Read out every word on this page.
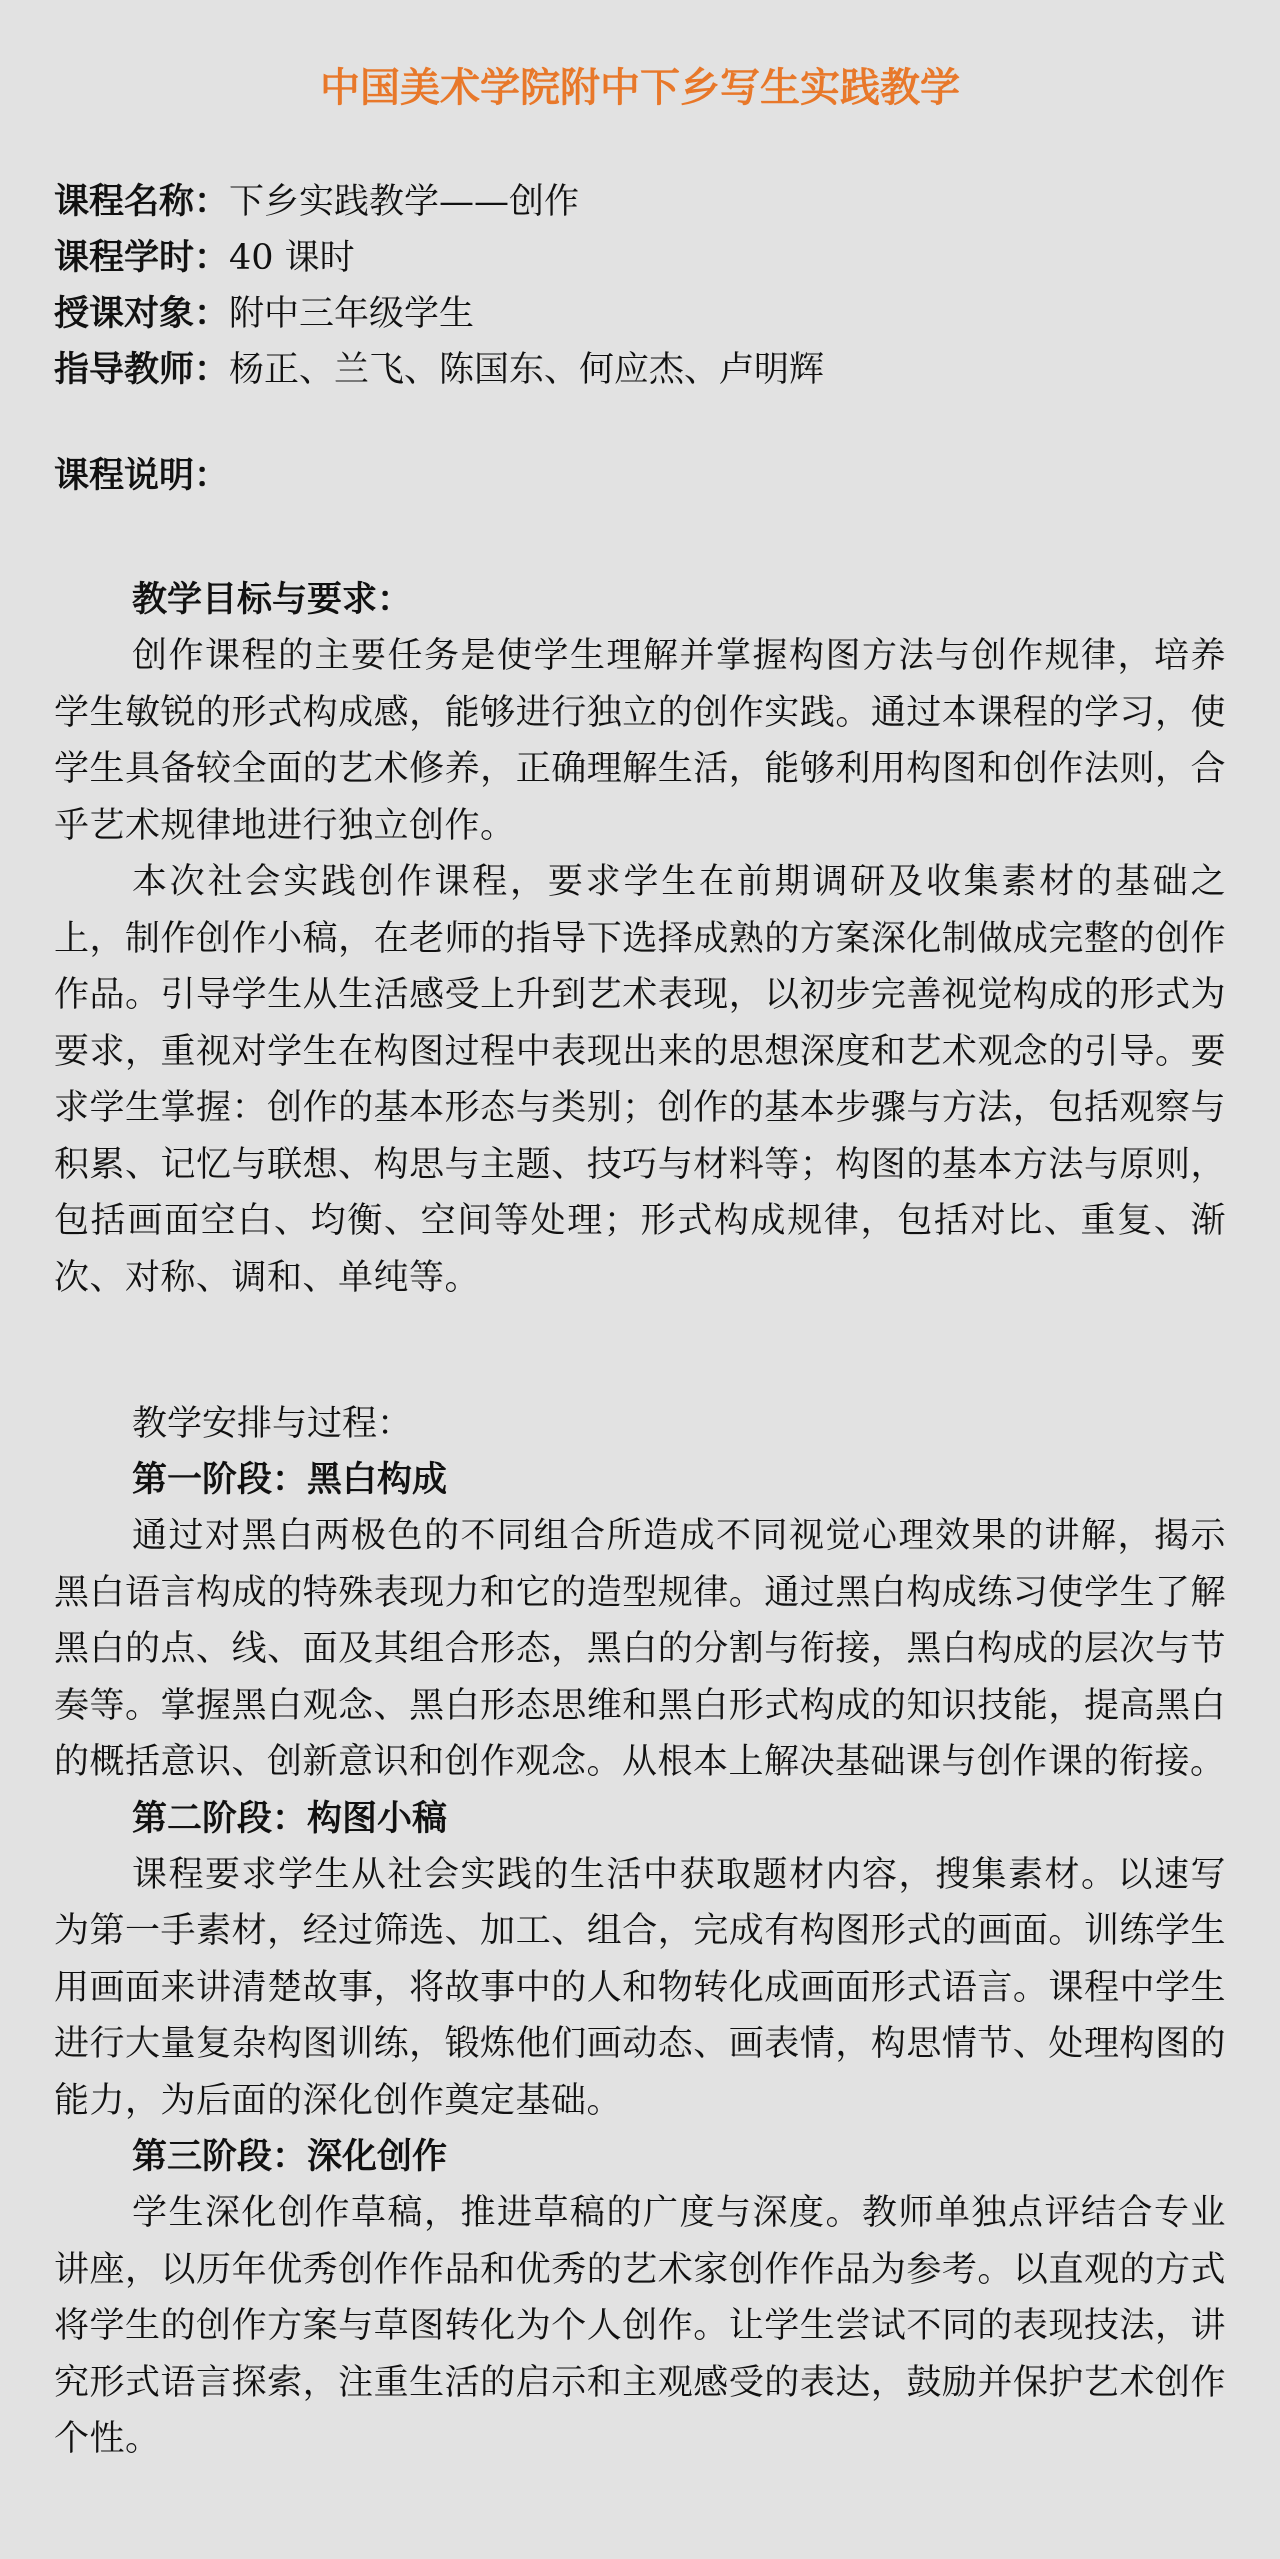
中国美术学院附中下乡写生实践教学

课程名称：下乡实践教学——创作

课程学时：40 课时

授课对象：附中三年级学生

指导教师：杨正、兰飞、陈国东、何应杰、卢明辉

课程说明：

教学目标与要求：

创作课程的主要任务是使学生理解并掌握构图方法与创作规律，培养学生敏锐的形式构成感，能够进行独立的创作实践。通过本课程的学习，使学生具备较全面的艺术修养，正确理解生活，能够利用构图和创作法则，合乎艺术规律地进行独立创作。

本次社会实践创作课程，要求学生在前期调研及收集素材的基础之上，制作创作小稿，在老师的指导下选择成熟的方案深化制做成完整的创作作品。引导学生从生活感受上升到艺术表现，以初步完善视觉构成的形式为要求，重视对学生在构图过程中表现出来的思想深度和艺术观念的引导。要求学生掌握：创作的基本形态与类别；创作的基本步骤与方法，包括观察与积累、记忆与联想、构思与主题、技巧与材料等；构图的基本方法与原则，包括画面空白、均衡、空间等处理；形式构成规律，包括对比、重复、渐次、对称、调和、单纯等。

教学安排与过程：

第一阶段：黑白构成

通过对黑白两极色的不同组合所造成不同视觉心理效果的讲解，揭示黑白语言构成的特殊表现力和它的造型规律。通过黑白构成练习使学生了解黑白的点、线、面及其组合形态，黑白的分割与衔接，黑白构成的层次与节奏等。掌握黑白观念、黑白形态思维和黑白形式构成的知识技能，提高黑白的概括意识、创新意识和创作观念。从根本上解决基础课与创作课的衔接。

第二阶段：构图小稿

课程要求学生从社会实践的生活中获取题材内容，搜集素材。以速写为第一手素材，经过筛选、加工、组合，完成有构图形式的画面。训练学生用画面来讲清楚故事，将故事中的人和物转化成画面形式语言。课程中学生进行大量复杂构图训练，锻炼他们画动态、画表情，构思情节、处理构图的能力，为后面的深化创作奠定基础。

第三阶段：深化创作

学生深化创作草稿，推进草稿的广度与深度。教师单独点评结合专业讲座，以历年优秀创作作品和优秀的艺术家创作作品为参考。以直观的方式将学生的创作方案与草图转化为个人创作。让学生尝试不同的表现技法，讲究形式语言探索，注重生活的启示和主观感受的表达，鼓励并保护艺术创作个性。
